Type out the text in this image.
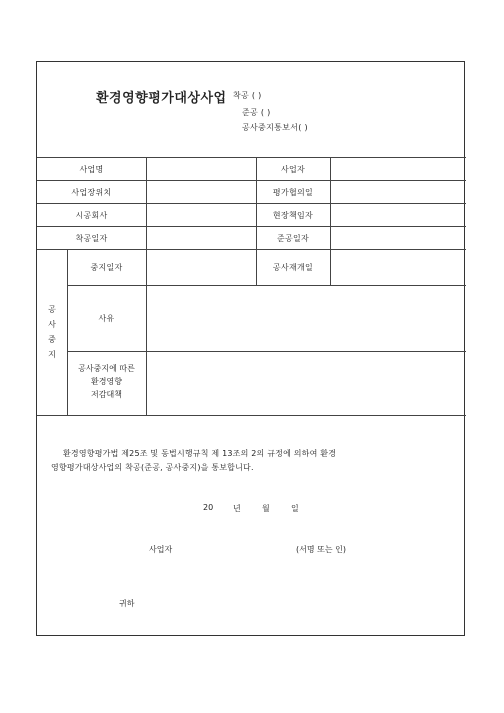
환경영향평가대상사업 착공 ( )
준공 ( )
공사중지통보서( )
사업명	사업자
사업장위치	평가협의일
시공회사	현장책임자
착공일자	준공일자
공
사
중
지
중지일자	공사재개일
사유
공사중지에 따른
환경영향
저감대책
환경영향평가법 제25조 및 동법시행규칙 제 13조의 2의 규정에 의하여 환경
영향평가대상사업의 착공(준공, 공사중지)을 통보합니다.
20 년	월	일
사업자	(서명 또는 인)
귀하
